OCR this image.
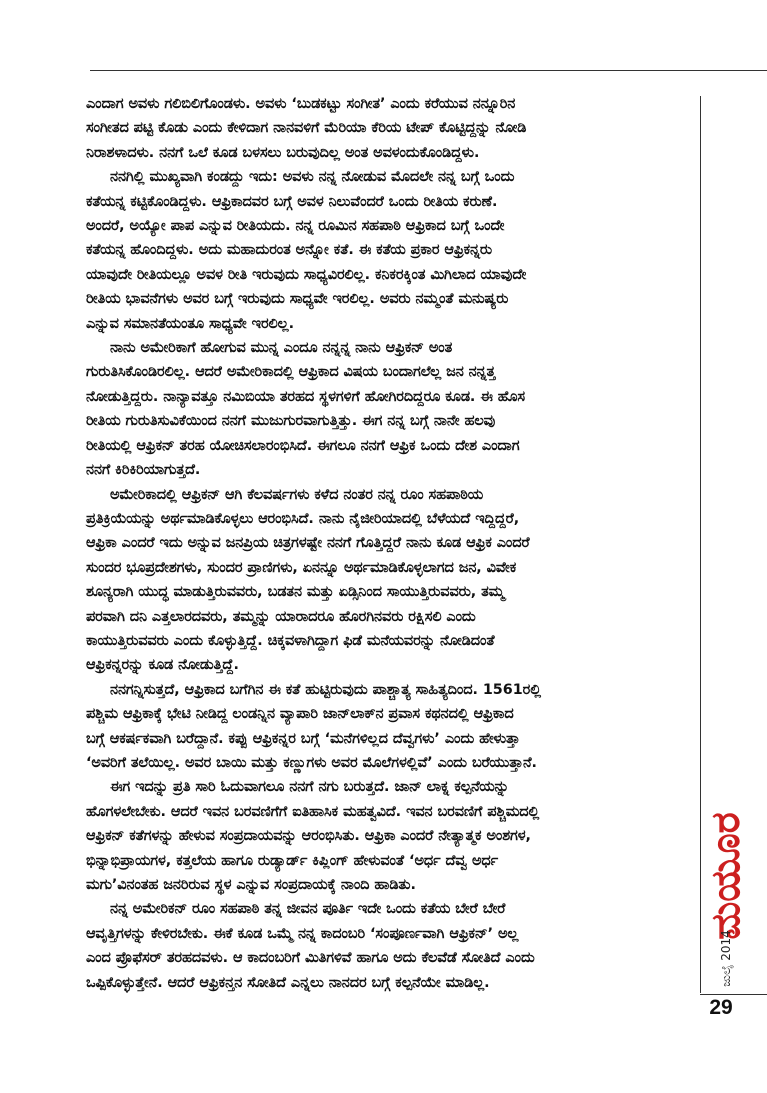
ಎಂದಾಗ ಅವಳು ಗಲಿಬಿಲಿಗೊಂಡಳು. ಅವಳು ‘ಬುಡಕಟ್ಟು ಸಂಗೀತ’ ಎಂದು ಕರೆಯುವ ನನ್ನೂರಿನ
ಸಂಗೀತದ ಪಟ್ಟಿ ಕೊಡು ಎಂದು ಕೇಳಿದಾಗ ನಾನವಳಿಗೆ ಮೆರಿಯಾ ಕೆರಿಯ ಟೇಪ್ ಕೊಟ್ಟಿದ್ದನ್ನು ನೋಡಿ
ನಿರಾಶಳಾದಳು. ನನಗೆ ಒಲೆ ಕೂಡ ಬಳಸಲು ಬರುವುದಿಲ್ಲ ಅಂತ ಅವಳಂದುಕೊಂಡಿದ್ದಳು.

ನನಗಿಲ್ಲಿ ಮುಖ್ಯವಾಗಿ ಕಂಡದ್ದು ಇದು: ಅವಳು ನನ್ನ ನೋಡುವ ಮೊದಲೇ ನನ್ನ ಬಗ್ಗೆ ಒಂದು
ಕತೆಯನ್ನ ಕಟ್ಟಿಕೊಂಡಿದ್ದಳು. ಆಫ್ರಿಕಾದವರ ಬಗ್ಗೆ ಅವಳ ನಿಲುವೆಂದರೆ ಒಂದು ರೀತಿಯ ಕರುಣೆ.
ಅಂದರೆ, ಅಯ್ಯೋ ಪಾಪ ಎನ್ನುವ ರೀತಿಯದು. ನನ್ನ ರೂಮಿನ ಸಹಪಾಠಿ ಆಫ್ರಿಕಾದ ಬಗ್ಗೆ ಒಂದೇ
ಕತೆಯನ್ನ ಹೊಂದಿದ್ದಳು. ಅದು ಮಹಾದುರಂತ ಅನ್ನೋ ಕತೆ. ಈ ಕತೆಯ ಪ್ರಕಾರ ಆಫ್ರಿಕನ್ನರು
ಯಾವುದೇ ರೀತಿಯಲ್ಲೂ ಅವಳ ರೀತಿ ಇರುವುದು ಸಾಧ್ಯವಿರಲಿಲ್ಲ. ಕನಿಕರಕ್ಕಿಂತ ಮಿಗಿಲಾದ ಯಾವುದೇ
ರೀತಿಯ ಭಾವನೆಗಳು ಅವರ ಬಗ್ಗೆ ಇರುವುದು ಸಾಧ್ಯವೇ ಇರಲಿಲ್ಲ. ಅವರು ನಮ್ಮಂತೆ ಮನುಷ್ಯರು
ಎನ್ನುವ ಸಮಾನತೆಯಂತೂ ಸಾಧ್ಯವೇ ಇರಲಿಲ್ಲ.

ನಾನು ಅಮೇರಿಕಾಗೆ ಹೋಗುವ ಮುನ್ನ ಎಂದೂ ನನ್ನನ್ನ ನಾನು ಆಫ್ರಿಕನ್ ಅಂತ
ಗುರುತಿಸಿಕೊಂಡಿರಲಿಲ್ಲ. ಆದರೆ ಅಮೇರಿಕಾದಲ್ಲಿ ಆಫ್ರಿಕಾದ ವಿಷಯ ಬಂದಾಗಲೆಲ್ಲ ಜನ ನನ್ನತ್ತ
ನೋಡುತ್ತಿದ್ದರು. ನಾನ್ಯಾವತ್ತೂ ನಮಿಬಿಯಾ ತರಹದ ಸ್ಥಳಗಳಿಗೆ ಹೋಗಿರದಿದ್ದರೂ ಕೂಡ. ಈ ಹೊಸ
ರೀತಿಯ ಗುರುತಿಸುವಿಕೆಯಿಂದ ನನಗೆ ಮುಜುಗುರವಾಗುತ್ತಿತ್ತು. ಈಗ ನನ್ನ ಬಗ್ಗೆ ನಾನೇ ಹಲವು
ರೀತಿಯಲ್ಲಿ ಆಫ್ರಿಕನ್ ತರಹ ಯೋಚಿಸಲಾರಂಭಿಸಿದೆ. ಈಗಲೂ ನನಗೆ ಆಫ್ರಿಕ ಒಂದು ದೇಶ ಎಂದಾಗ
ನನಗೆ ಕಿರಿಕಿರಿಯಾಗುತ್ತದೆ.

ಅಮೇರಿಕಾದಲ್ಲಿ ಆಫ್ರಿಕನ್ ಆಗಿ ಕೆಲವರ್ಷಗಳು ಕಳೆದ ನಂತರ ನನ್ನ ರೂಂ ಸಹಪಾಠಿಯ
ಪ್ರತಿಕ್ರಿಯೆಯನ್ನು ಅರ್ಥಮಾಡಿಕೊಳ್ಳಲು ಆರಂಭಿಸಿದೆ. ನಾನು ನೈಜೀರಿಯಾದಲ್ಲಿ ಬೆಳೆಯದೆ ಇದ್ದಿದ್ದರೆ,
ಆಫ್ರಿಕಾ ಎಂದರೆ ಇದು ಅನ್ನುವ ಜನಪ್ರಿಯ ಚಿತ್ರಗಳಷ್ಟೇ ನನಗೆ ಗೊತ್ತಿದ್ದರೆ ನಾನು ಕೂಡ ಆಫ್ರಿಕ ಎಂದರೆ
ಸುಂದರ ಭೂಪ್ರದೇಶಗಳು, ಸುಂದರ ಪ್ರಾಣಿಗಳು, ಏನನ್ನೂ ಅರ್ಥಮಾಡಿಕೊಳ್ಳಲಾಗದ ಜನ, ವಿವೇಕ
ಶೂನ್ಯರಾಗಿ ಯುದ್ಧ ಮಾಡುತ್ತಿರುವವರು, ಬಡತನ ಮತ್ತು ಏಡ್ಸಿನಿಂದ ಸಾಯುತ್ತಿರುವವರು, ತಮ್ಮ
ಪರವಾಗಿ ದನಿ ಎತ್ತಲಾರದವರು, ತಮ್ಮನ್ನು ಯಾರಾದರೂ ಹೊರಗಿನವರು ರಕ್ಷಿಸಲಿ ಎಂದು
ಕಾಯುತ್ತಿರುವವರು ಎಂದು ಕೊಳ್ಳುತ್ತಿದ್ದೆ. ಚಿಕ್ಕವಳಾಗಿದ್ದಾಗ ಫಿಡೆ ಮನೆಯವರನ್ನು ನೋಡಿದಂತೆ
ಆಫ್ರಿಕನ್ನರನ್ನು ಕೂಡ ನೋಡುತ್ತಿದ್ದೆ.

ನನಗನ್ನಿಸುತ್ತದೆ, ಆಫ್ರಿಕಾದ ಬಗೆಗಿನ ಈ ಕತೆ ಹುಟ್ಟಿರುವುದು ಪಾಶ್ಚಾತ್ಯ ಸಾಹಿತ್ಯದಿಂದ. 1561ರಲ್ಲಿ
ಪಶ್ಚಿಮ ಆಫ್ರಿಕಾಕ್ಕೆ ಭೇಟಿ ನೀಡಿದ್ದ ಲಂಡನ್ನಿನ ವ್ಯಾಪಾರಿ ಜಾನ್‌ಲಾಕ್‌ನ ಪ್ರವಾಸ ಕಥನದಲ್ಲಿ ಆಫ್ರಿಕಾದ
ಬಗ್ಗೆ ಆಕರ್ಷಕವಾಗಿ ಬರೆದ್ದಾನೆ. ಕಪ್ಪು ಆಫ್ರಿಕನ್ನರ ಬಗ್ಗೆ ‘ಮನೆಗಳಿಲ್ಲದ ದೆವ್ವಗಳು’ ಎಂದು ಹೇಳುತ್ತಾ
‘ಅವರಿಗೆ ತಲೆಯಿಲ್ಲ. ಅವರ ಬಾಯಿ ಮತ್ತು ಕಣ್ಣುಗಳು ಅವರ ಮೊಲೆಗಳಲ್ಲಿವೆ’ ಎಂದು ಬರೆಯುತ್ತಾನೆ.

ಈಗ ಇದನ್ನು ಪ್ರತಿ ಸಾರಿ ಓದುವಾಗಲೂ ನನಗೆ ನಗು ಬರುತ್ತದೆ. ಜಾನ್ ಲಾಕ್ನ ಕಲ್ಪನೆಯನ್ನು
ಹೊಗಳಲೇಬೇಕು. ಆದರೆ ಇವನ ಬರವಣಿಗೆಗೆ ಐತಿಹಾಸಿಕ ಮಹತ್ವವಿದೆ. ಇವನ ಬರವಣಿಗೆ ಪಶ್ಚಿಮದಲ್ಲಿ
ಆಫ್ರಿಕನ್ ಕತೆಗಳನ್ನು ಹೇಳುವ ಸಂಪ್ರದಾಯವನ್ನು ಆರಂಭಿಸಿತು. ಆಫ್ರಿಕಾ ಎಂದರೆ ನೇತ್ಯಾತ್ಮಕ ಅಂಶಗಳ,
ಭಿನ್ನಾಭಿಪ್ರಾಯಗಳ, ಕತ್ತಲೆಯ ಹಾಗೂ ರುಡ್ಯಾರ್ಡ್ ಕಿಪ್ಲಿಂಗ್ ಹೇಳುವಂತೆ ‘ಅರ್ಧ ದೆವ್ವ ಅರ್ಧ
ಮಗು’ವಿನಂತಹ ಜನರಿರುವ ಸ್ಥಳ ಎನ್ನುವ ಸಂಪ್ರದಾಯಕ್ಕೆ ನಾಂದಿ ಹಾಡಿತು.

ನನ್ನ ಅಮೇರಿಕನ್ ರೂಂ ಸಹಪಾಠಿ ತನ್ನ ಜೀವನ ಪೂರ್ತಿ ಇದೇ ಒಂದು ಕತೆಯ ಬೇರೆ ಬೇರೆ
ಆವೃತ್ತಿಗಳನ್ನು ಕೇಳಿರಬೇಕು. ಈಕೆ ಕೂಡ ಒಮ್ಮೆ ನನ್ನ ಕಾದಂಬರಿ ‘ಸಂಪೂರ್ಣವಾಗಿ ಆಫ್ರಿಕನ್’ ಅಲ್ಲ
ಎಂದ ಪ್ರೊಫೆಸರ್ ತರಹದವಳು. ಆ ಕಾದಂಬರಿಗೆ ಮಿತಿಗಳಿವೆ ಹಾಗೂ ಅದು ಕೆಲವೆಡೆ ಸೋತಿದೆ ಎಂದು
ಒಪ್ಪಿಕೊಳ್ಳುತ್ತೇನೆ. ಆದರೆ ಆಫ್ರಿಕನ್ತನ ಸೋತಿದೆ ಎನ್ನಲು ನಾನದರ ಬಗ್ಗೆ ಕಲ್ಪನೆಯೇ ಮಾಡಿಲ್ಲ.

ಮಯೂರ
ಜುಲೈ 2014
29
